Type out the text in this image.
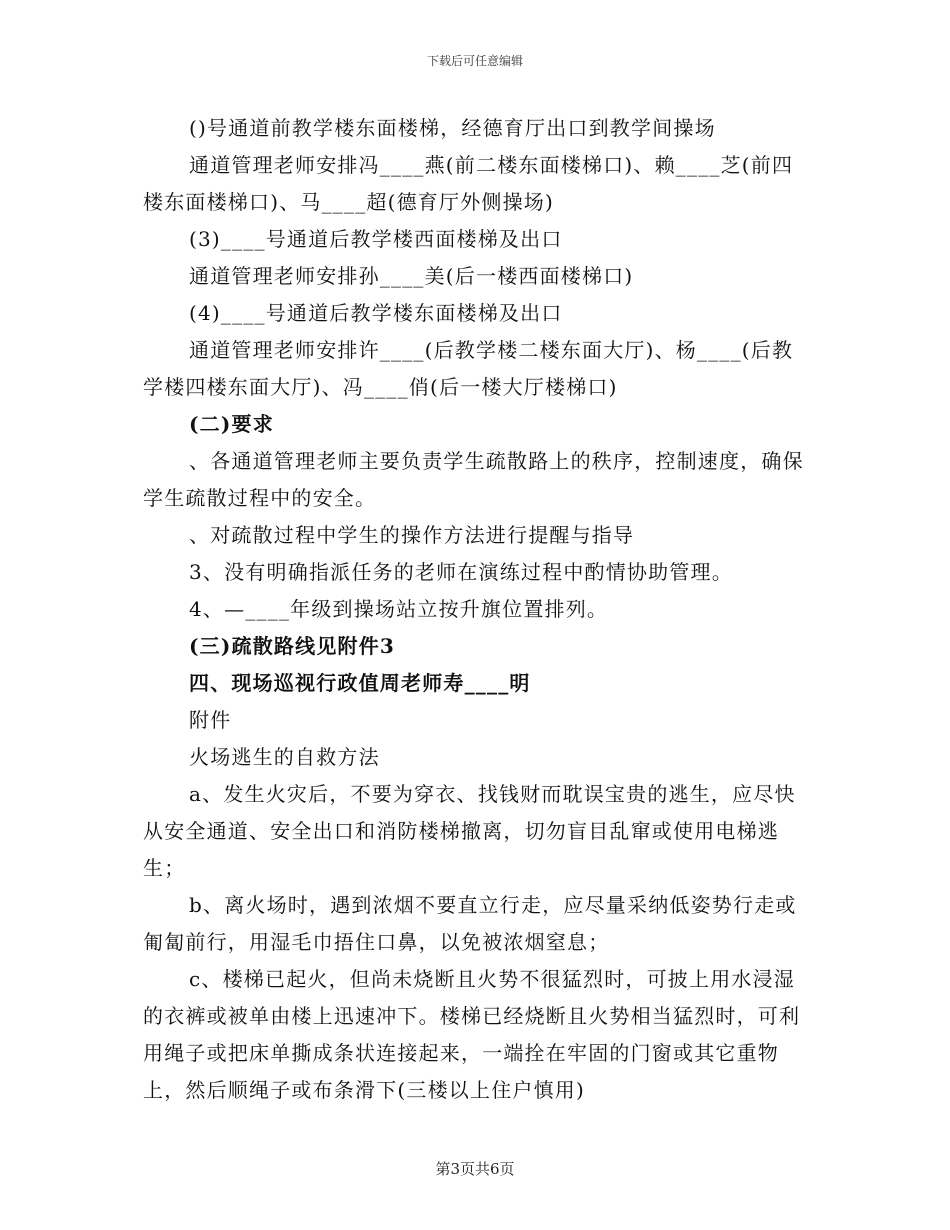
下载后可任意编辑

()号通道前教学楼东面楼梯，经德育厅出口到教学间操场

通道管理老师安排冯____燕(前二楼东面楼梯口)、赖____芝(前四楼东面楼梯口)、马____超(德育厅外侧操场)

(3)____号通道后教学楼西面楼梯及出口

通道管理老师安排孙____美(后一楼西面楼梯口)

(4)____号通道后教学楼东面楼梯及出口

通道管理老师安排许____(后教学楼二楼东面大厅)、杨____(后教学楼四楼东面大厅)、冯____俏(后一楼大厅楼梯口)

(二)要求

、各通道管理老师主要负责学生疏散路上的秩序，控制速度，确保学生疏散过程中的安全。

、对疏散过程中学生的操作方法进行提醒与指导

3、没有明确指派任务的老师在演练过程中酌情协助管理。

4、—____年级到操场站立按升旗位置排列。

(三)疏散路线见附件3

四、现场巡视行政值周老师寿____明

附件

火场逃生的自救方法

a、发生火灾后，不要为穿衣、找钱财而耽误宝贵的逃生，应尽快从安全通道、安全出口和消防楼梯撤离，切勿盲目乱窜或使用电梯逃生；

b、离火场时，遇到浓烟不要直立行走，应尽量采纳低姿势行走或匍匐前行，用湿毛巾捂住口鼻，以免被浓烟窒息；

c、楼梯已起火，但尚未烧断且火势不很猛烈时，可披上用水浸湿的衣裤或被单由楼上迅速冲下。楼梯已经烧断且火势相当猛烈时，可利用绳子或把床单撕成条状连接起来，一端拴在牢固的门窗或其它重物上，然后顺绳子或布条滑下(三楼以上住户慎用)

第3页共6页
